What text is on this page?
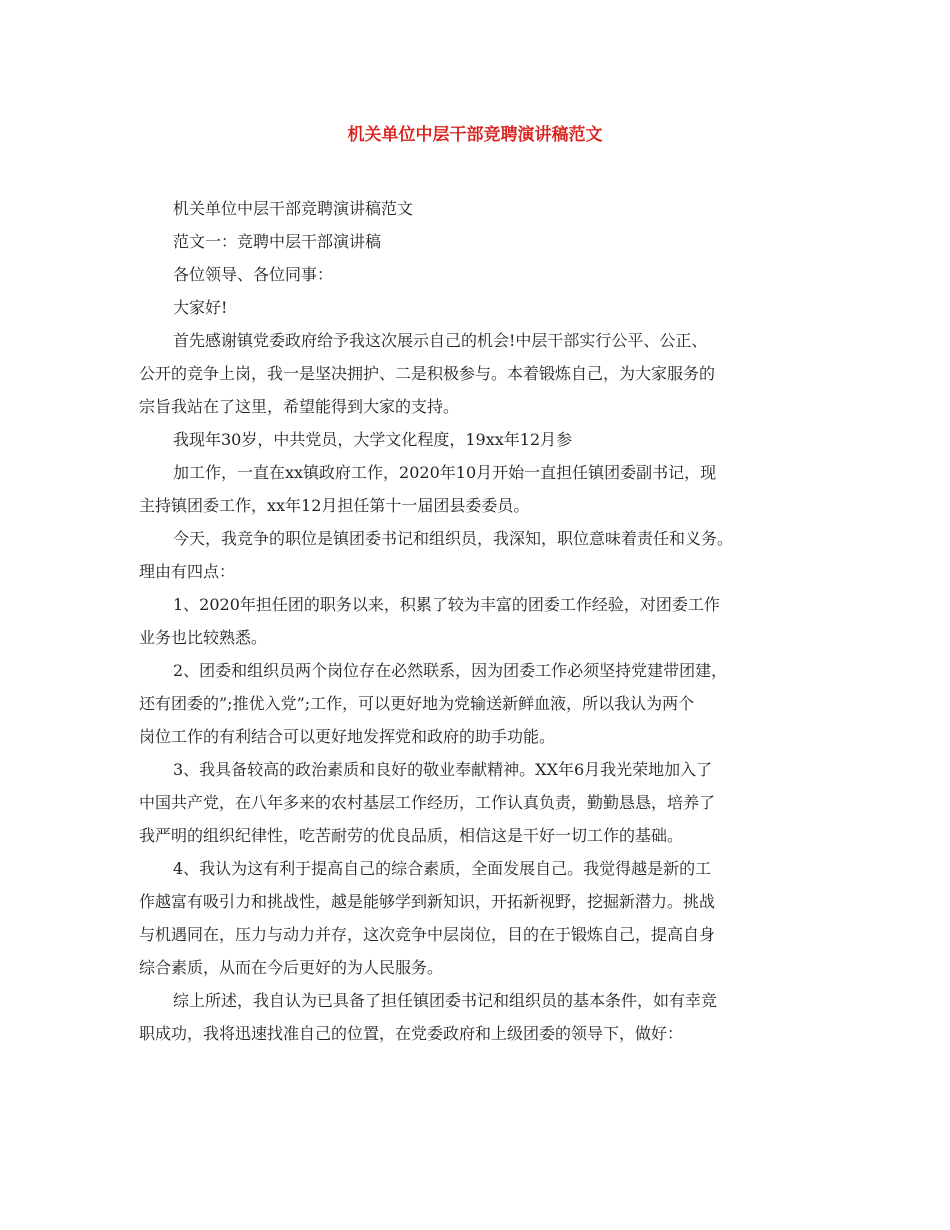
机关单位中层干部竞聘演讲稿范文

机关单位中层干部竞聘演讲稿范文

范文一：竞聘中层干部演讲稿

各位领导、各位同事：

大家好!

首先感谢镇党委政府给予我这次展示自己的机会!中层干部实行公平、公正、

公开的竞争上岗，我一是坚决拥护、二是积极参与。本着锻炼自己，为大家服务的

宗旨我站在了这里，希望能得到大家的支持。

我现年30岁，中共党员，大学文化程度，19xx年12月参

加工作，一直在xx镇政府工作，2020年10月开始一直担任镇团委副书记，现

主持镇团委工作，xx年12月担任第十一届团县委委员。

今天，我竞争的职位是镇团委书记和组织员，我深知，职位意味着责任和义务。

理由有四点：

1、2020年担任团的职务以来，积累了较为丰富的团委工作经验，对团委工作

业务也比较熟悉。

2、团委和组织员两个岗位存在必然联系，因为团委工作必须坚持党建带团建，

还有团委的”;推优入党”;工作，可以更好地为党输送新鲜血液，所以我认为两个

岗位工作的有利结合可以更好地发挥党和政府的助手功能。

3、我具备较高的政治素质和良好的敬业奉献精神。XX年6月我光荣地加入了

中国共产党，在八年多来的农村基层工作经历，工作认真负责，勤勤恳恳，培养了

我严明的组织纪律性，吃苦耐劳的优良品质，相信这是干好一切工作的基础。

4、我认为这有利于提高自己的综合素质，全面发展自己。我觉得越是新的工

作越富有吸引力和挑战性，越是能够学到新知识，开拓新视野，挖掘新潜力。挑战

与机遇同在，压力与动力并存，这次竞争中层岗位，目的在于锻炼自己，提高自身

综合素质，从而在今后更好的为人民服务。

综上所述，我自认为已具备了担任镇团委书记和组织员的基本条件，如有幸竞

职成功，我将迅速找准自己的位置，在党委政府和上级团委的领导下，做好：
